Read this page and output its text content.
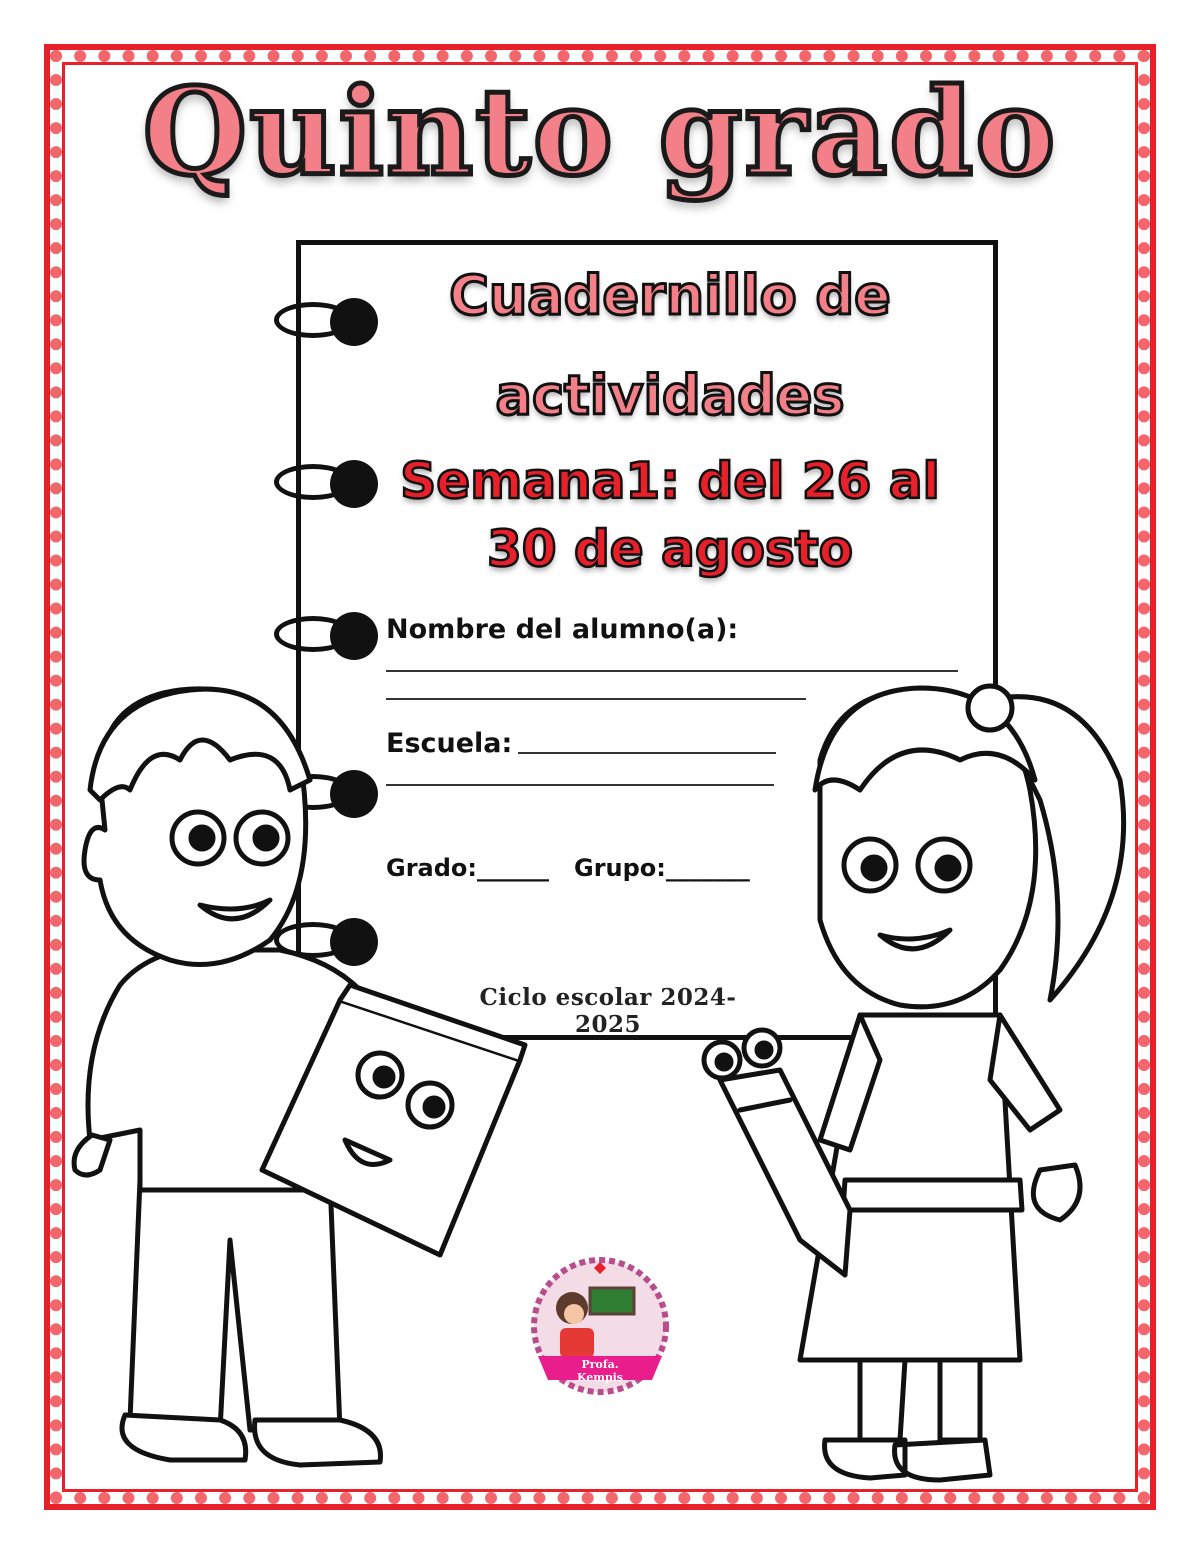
Quinto grado
Cuadernillo de
actividades
Semana1: del 26 al
30 de agosto
Nombre del alumno(a):
Escuela:
Grado:______ Grupo:_______
Ciclo escolar 2024-2025
Profa.
Kempis
